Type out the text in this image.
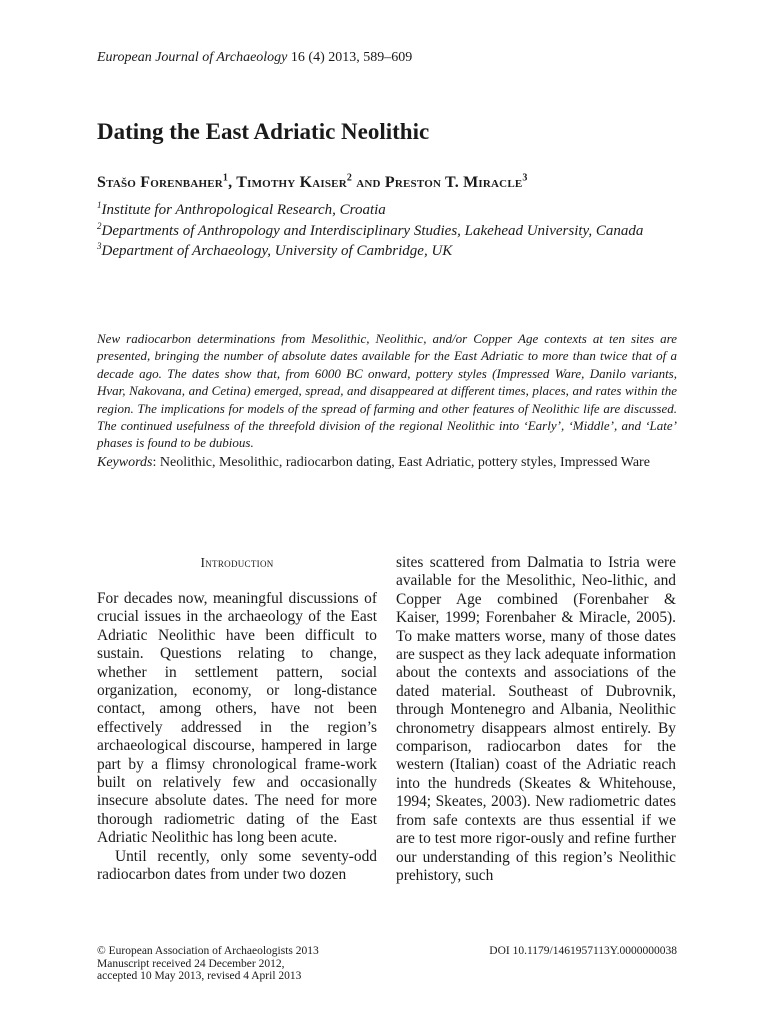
European Journal of Archaeology 16 (4) 2013, 589–609
Dating the East Adriatic Neolithic
Stašo Forenbaher$^1$, Timothy Kaiser$^2$ and Preston T. Miracle$^3$

$^1$Institute for Anthropological Research, Croatia

$^2$Departments of Anthropology and Interdisciplinary Studies, Lakehead University, Canada

$^3$Department of Archaeology, University of Cambridge, UK

New radiocarbon determinations from Mesolithic, Neolithic, and/or Copper Age contexts at ten sites are presented, bringing the number of absolute dates available for the East Adriatic to more than twice that of a decade ago. The dates show that, from 6000 BC onward, pottery styles (Impressed Ware, Danilo variants, Hvar, Nakovana, and Cetina) emerged, spread, and disappeared at different times, places, and rates within the region. The implications for models of the spread of farming and other features of Neolithic life are discussed. The continued usefulness of the threefold division of the regional Neolithic into ‘Early’, ‘Middle’, and ‘Late’ phases is found to be dubious.

Keywords: Neolithic, Mesolithic, radiocarbon dating, East Adriatic, pottery styles, Impressed Ware

Introduction

For decades now, meaningful discussions of crucial issues in the archaeology of the East Adriatic Neolithic have been difficult to sustain. Questions relating to change, whether in settlement pattern, social organization, economy, or long-distance contact, among others, have not been effectively addressed in the region’s archaeological discourse, hampered in large part by a flimsy chronological frame-work built on relatively few and occasionally insecure absolute dates. The need for more thorough radiometric dating of the East Adriatic Neolithic has long been acute.

Until recently, only some seventy-odd radiocarbon dates from under two dozen

sites scattered from Dalmatia to Istria were available for the Mesolithic, Neo-lithic, and Copper Age combined (Forenbaher & Kaiser, 1999; Forenbaher & Miracle, 2005). To make matters worse, many of those dates are suspect as they lack adequate information about the contexts and associations of the dated material. Southeast of Dubrovnik, through Montenegro and Albania, Neolithic chronometry disappears almost entirely. By comparison, radiocarbon dates for the western (Italian) coast of the Adriatic reach into the hundreds (Skeates & Whitehouse, 1994; Skeates, 2003). New radiometric dates from safe contexts are thus essential if we are to test more rigor-ously and refine further our understanding of this region’s Neolithic prehistory, such

© European Association of Archaeologists 2013
Manuscript received 24 December 2012,
accepted 10 May 2013, revised 4 April 2013
DOI 10.1179/1461957113Y.0000000038
